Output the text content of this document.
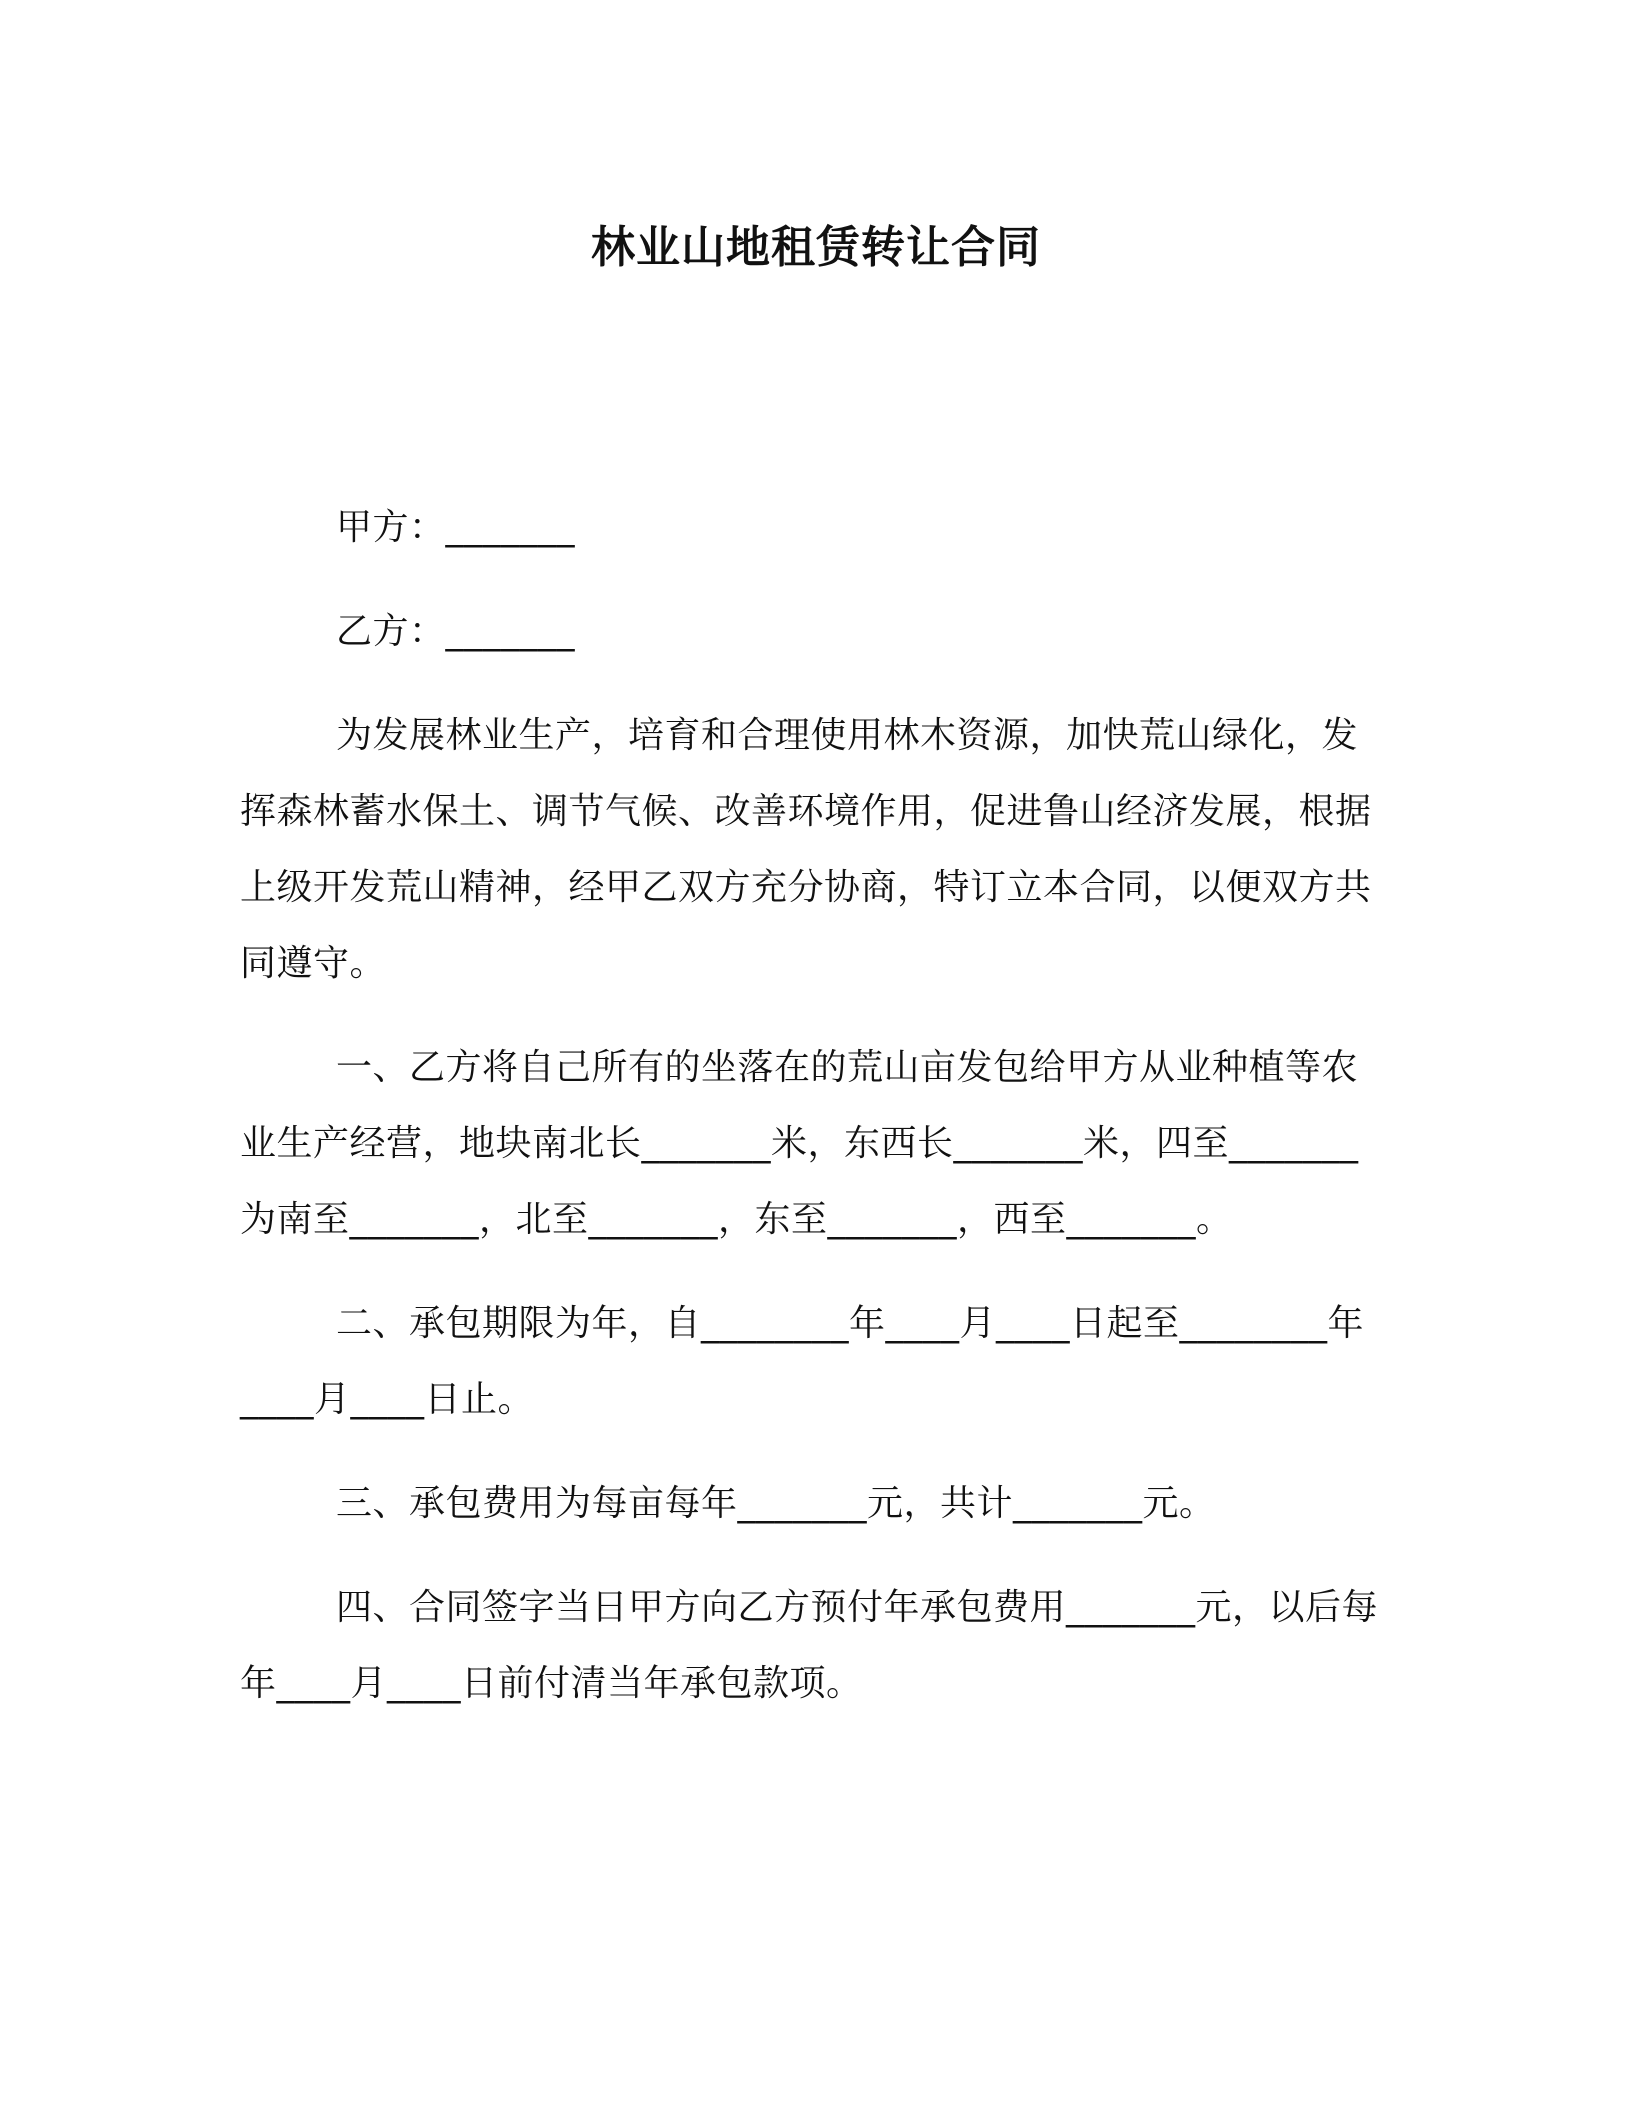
林业山地租赁转让合同

甲方：_______

乙方：_______

为发展林业生产，培育和合理使用林木资源，加快荒山绿化，发挥森林蓄水保土、调节气候、改善环境作用，促进鲁山经济发展，根据上级开发荒山精神，经甲乙双方充分协商，特订立本合同，以便双方共同遵守。

一、乙方将自己所有的坐落在的荒山亩发包给甲方从业种植等农业生产经营，地块南北长_______米，东西长_______米，四至_______为南至_______，北至_______，东至_______，西至_______。

二、承包期限为年，自________年____月____日起至________年____月____日止。

三、承包费用为每亩每年_______元，共计_______元。

四、合同签字当日甲方向乙方预付年承包费用_______元，以后每年____月____日前付清当年承包款项。
